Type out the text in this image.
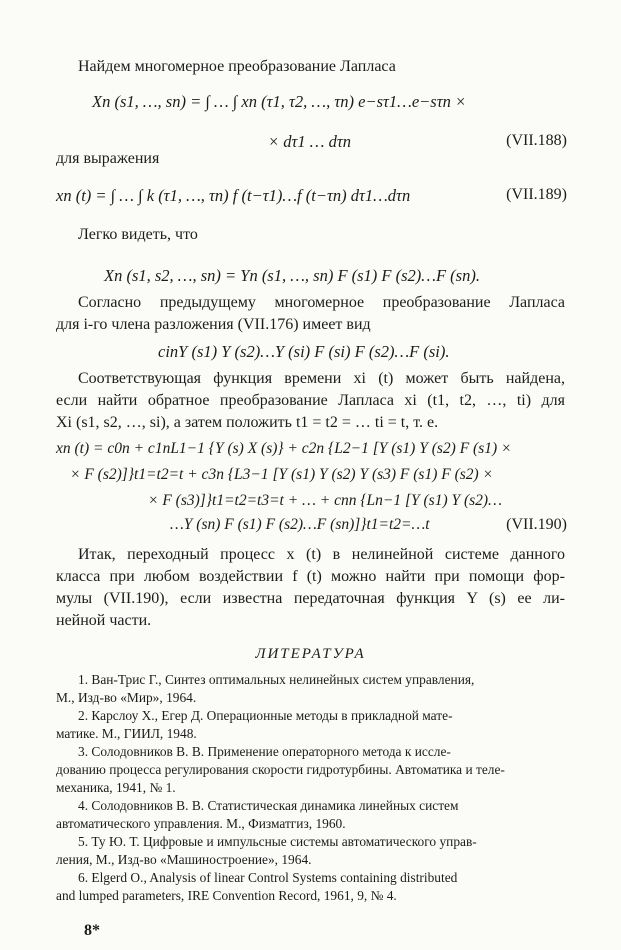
Найдем многомерное преобразование Лапласа
Xn (s1, …, sn) = ∫ … ∫ xn (τ1, τ2, …, τn) e−sτ1…e−sτn ×
× dτ1 … dτn	(VII.188)
для выражения
xn (t) = ∫ … ∫ k (τ1, …, τn) f (t−τ1)…f (t−τn) dτ1…dτn	(VII.189)
Легко видеть, что
Xn (s1, s2, …, sn) = Yn (s1, …, sn) F (s1) F (s2)…F (sn).
Согласно предыдущему многомерное преобразование Лапласа
для i-го члена разложения (VII.176) имеет вид
cinY (s1) Y (s2)…Y (si) F (si) F (s2)…F (si).
Соответствующая функция времени xi (t) может быть найдена,
если найти обратное преобразование Лапласа xi (t1, t2, …, ti) для
Xi (s1, s2, …, si), а затем положить t1 = t2 = … ti = t, т. е.
xn (t) = c0n + c1nL1−1 {Y (s) X (s)} + c2n {L2−1 [Y (s1) Y (s2) F (s1) ×
× F (s2)]}t1=t2=t + c3n {L3−1 [Y (s1) Y (s2) Y (s3) F (s1) F (s2) ×
× F (s3)]}t1=t2=t3=t + … + cnn {Ln−1 [Y (s1) Y (s2)…
…Y (sn) F (s1) F (s2)…F (sn)]}t1=t2=…t	(VII.190)
Итак, переходный процесс x (t) в нелинейной системе данного
класса при любом воздействии f (t) можно найти при помощи фор-
мулы (VII.190), если известна передаточная функция Y (s) ее ли-
нейной части.
ЛИТЕРАТУРА
1. Ван-Трис Г., Синтез оптимальных нелинейных систем управления,
М., Изд-во «Мир», 1964.
2. Карслоу Х., Егер Д. Операционные методы в прикладной мате-
матике. М., ГИИЛ, 1948.
3. Солодовников В. В. Применение операторного метода к иссле-
дованию процесса регулирования скорости гидротурбины. Автоматика и теле-
механика, 1941, № 1.
4. Солодовников В. В. Статистическая динамика линейных систем
автоматического управления. М., Физматгиз, 1960.
5. Ту Ю. Т. Цифровые и импульсные системы автоматического управ-
ления, М., Изд-во «Машиностроение», 1964.
6. Elgerd O., Analysis of linear Control Systems containing distributed
and lumped parameters, IRE Convention Record, 1961, 9, № 4.
8*
